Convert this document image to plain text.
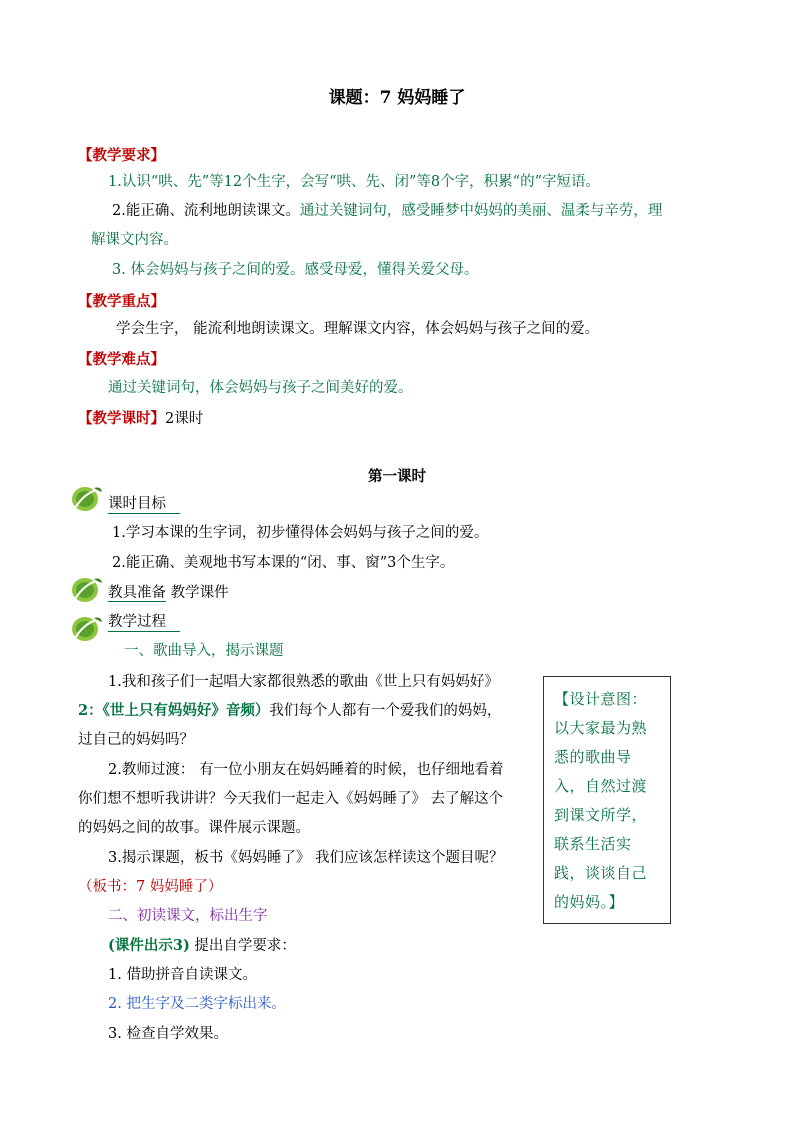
课题：7 妈妈睡了
【教学要求】
1.认识“哄、先”等12个生字，会写“哄、先、闭”等8个字，积累“的”字短语。
2.能正确、流利地朗读课文。通过关键词句，感受睡梦中妈妈的美丽、温柔与辛劳，理
解课文内容。
3. 体会妈妈与孩子之间的爱。感受母爱，懂得关爱父母。
【教学重点】
学会生字， 能流利地朗读课文。理解课文内容，体会妈妈与孩子之间的爱。
【教学难点】
通过关键词句，体会妈妈与孩子之间美好的爱。
【教学课时】2课时
第一课时
课时目标
1.学习本课的生字词，初步懂得体会妈妈与孩子之间的爱。
2.能正确、美观地书写本课的“闭、事、窗”3个生字。
教具准备 教学课件
教学过程
一、歌曲导入，揭示课题
1.我和孩子们一起唱大家都很熟悉的歌曲《世上只有妈妈好》
2：《世上只有妈妈好》音频）我们每个人都有一个爱我们的妈妈，
过自己的妈妈吗？
2.教师过渡： 有一位小朋友在妈妈睡着的时候，也仔细地看着
你们想不想听我讲讲？今天我们一起走入《妈妈睡了》 去了解这个
的妈妈之间的故事。课件展示课题。
3.揭示课题，板书《妈妈睡了》 我们应该怎样读这个题目呢？
（板书：7 妈妈睡了）
二、初读课文，标出生字
(课件出示3) 提出自学要求：
1. 借助拼音自读课文。
2. 把生字及二类字标出来。
3. 检查自学效果。

【设计意图：以大家最为熟悉的歌曲导入，自然过渡到课文所学，联系生活实践，谈谈自己的妈妈。】
